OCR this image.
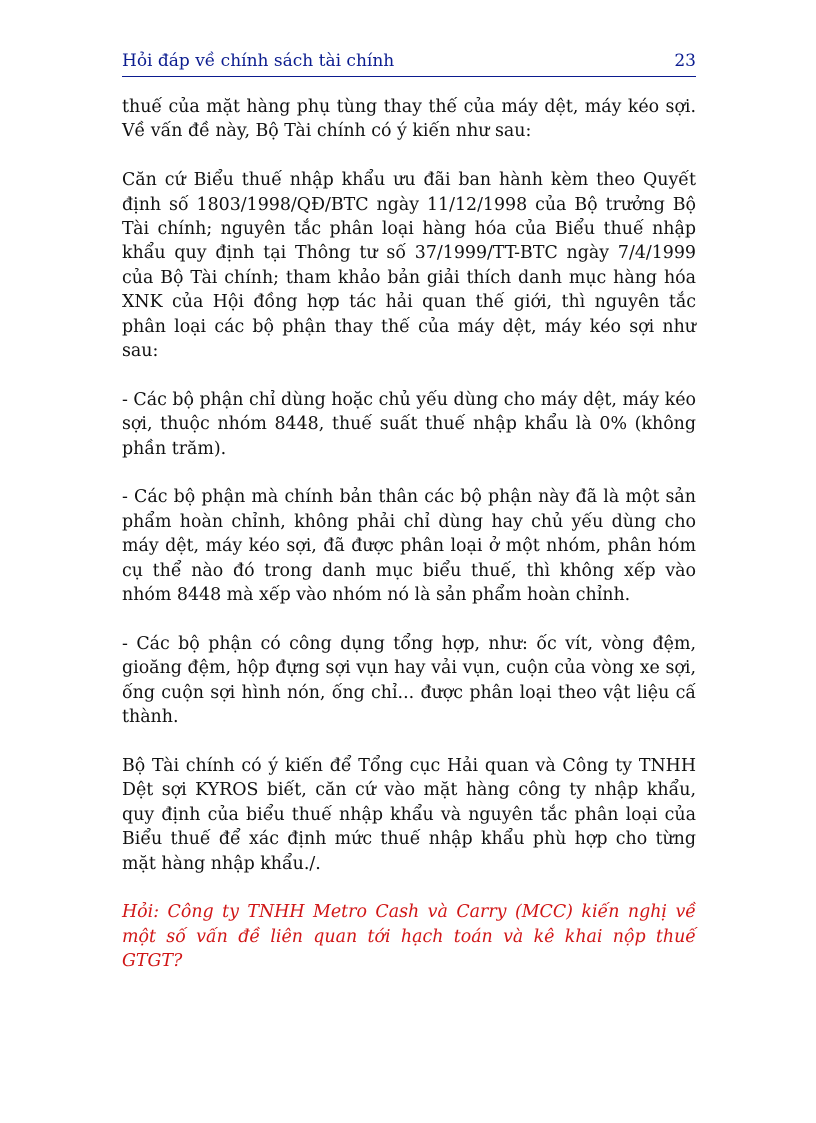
Hỏi đáp về chính sách tài chính	23

thuế của mặt hàng phụ tùng thay thế của máy dệt, máy kéo sợi. Về vấn đề này, Bộ Tài chính có ý kiến như sau:

Căn cứ Biểu thuế nhập khẩu ưu đãi ban hành kèm theo Quyết định số 1803/1998/QĐ/BTC ngày 11/12/1998 của Bộ trưởng Bộ Tài chính; nguyên tắc phân loại hàng hóa của Biểu thuế nhập khẩu quy định tại Thông tư số 37/1999/TT-BTC ngày 7/4/1999 của Bộ Tài chính; tham khảo bản giải thích danh mục hàng hóa XNK của Hội đồng hợp tác hải quan thế giới, thì nguyên tắc phân loại các bộ phận thay thế của máy dệt, máy kéo sợi như sau:

- Các bộ phận chỉ dùng hoặc chủ yếu dùng cho máy dệt, máy kéo sợi, thuộc nhóm 8448, thuế suất thuế nhập khẩu là 0% (không phần trăm).

- Các bộ phận mà chính bản thân các bộ phận này đã là một sản phẩm hoàn chỉnh, không phải chỉ dùng hay chủ yếu dùng cho máy dệt, máy kéo sợi, đã được phân loại ở một nhóm, phân hóm cụ thể nào đó trong danh mục biểu thuế, thì không xếp vào nhóm 8448 mà xếp vào nhóm nó là sản phẩm hoàn chỉnh.

- Các bộ phận có công dụng tổng hợp, như: ốc vít, vòng đệm, gioăng đệm, hộp đựng sợi vụn hay vải vụn, cuộn của vòng xe sợi, ống cuộn sợi hình nón, ống chỉ... được phân loại theo vật liệu cấ thành.

Bộ Tài chính có ý kiến để Tổng cục Hải quan và Công ty TNHH Dệt sợi KYROS biết, căn cứ vào mặt hàng công ty nhập khẩu, quy định của biểu thuế nhập khẩu và nguyên tắc phân loại của Biểu thuế để xác định mức thuế nhập khẩu phù hợp cho từng mặt hàng nhập khẩu./.

Hỏi: Công ty TNHH Metro Cash và Carry (MCC) kiến nghị về một số vấn đề liên quan tới hạch toán và kê khai nộp thuế GTGT?
